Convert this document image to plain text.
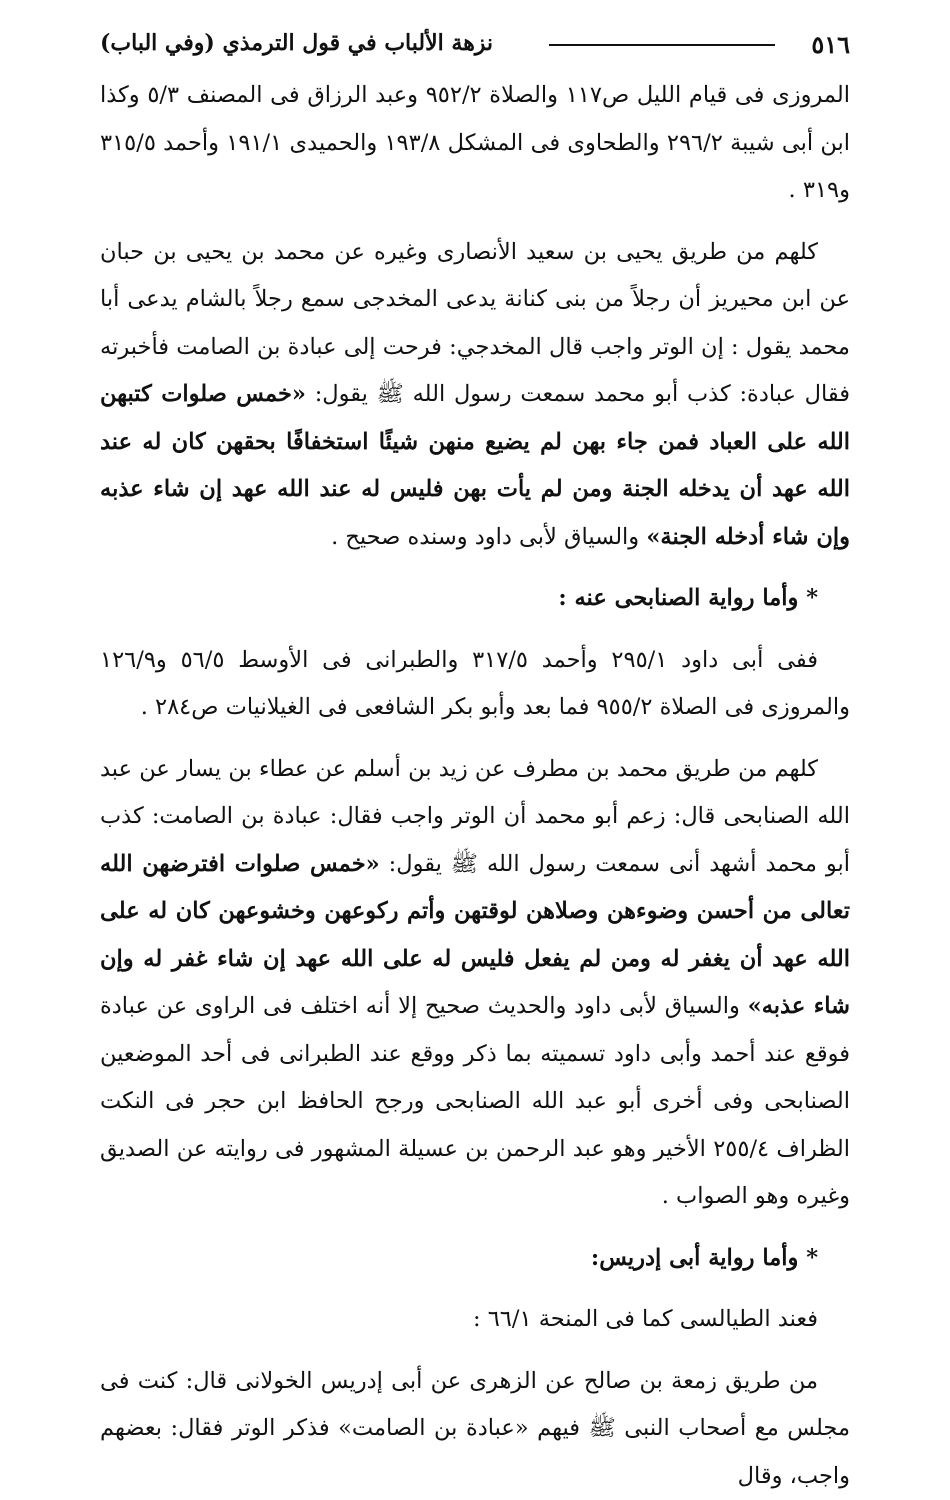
٥١٦
نزهة الألباب في قول الترمذي (وفي الباب)

المروزى فى قيام الليل ص١١٧ والصلاة ٩٥٢/٢ وعبد الرزاق فى المصنف ٥/٣ وكذا ابن أبى شيبة ٢٩٦/٢ والطحاوى فى المشكل ١٩٣/٨ والحميدى ١٩١/١ وأحمد ٣١٥/٥ و٣١٩ .

كلهم من طريق يحيى بن سعيد الأنصارى وغيره عن محمد بن يحيى بن حبان عن ابن محيريز أن رجلاً من بنى كنانة يدعى المخدجى سمع رجلاً بالشام يدعى أبا محمد يقول : إن الوتر واجب قال المخدجي: فرحت إلى عبادة بن الصامت فأخبرته فقال عبادة: كذب أبو محمد سمعت رسول الله ﷺ يقول: «خمس صلوات كتبهن الله على العباد فمن جاء بهن لم يضيع منهن شيئًا استخفافًا بحقهن كان له عند الله عهد أن يدخله الجنة ومن لم يأت بهن فليس له عند الله عهد إن شاء عذبه وإن شاء أدخله الجنة» والسياق لأبى داود وسنده صحيح .

* وأما رواية الصنابحى عنه :

ففى أبى داود ٢٩٥/١ وأحمد ٣١٧/٥ والطبرانى فى الأوسط ٥٦/٥ و١٢٦/٩ والمروزى فى الصلاة ٩٥٥/٢ فما بعد وأبو بكر الشافعى فى الغيلانيات ص٢٨٤ .

كلهم من طريق محمد بن مطرف عن زيد بن أسلم عن عطاء بن يسار عن عبد الله الصنابحى قال: زعم أبو محمد أن الوتر واجب فقال: عبادة بن الصامت: كذب أبو محمد أشهد أنى سمعت رسول الله ﷺ يقول: «خمس صلوات افترضهن الله تعالى من أحسن وضوءهن وصلاهن لوقتهن وأتم ركوعهن وخشوعهن كان له على الله عهد أن يغفر له ومن لم يفعل فليس له على الله عهد إن شاء غفر له وإن شاء عذبه» والسياق لأبى داود والحديث صحيح إلا أنه اختلف فى الراوى عن عبادة فوقع عند أحمد وأبى داود تسميته بما ذكر ووقع عند الطبرانى فى أحد الموضعين الصنابحى وفى أخرى أبو عبد الله الصنابحى ورجح الحافظ ابن حجر فى النكت الظراف ٢٥٥/٤ الأخير وهو عبد الرحمن بن عسيلة المشهور فى روايته عن الصديق وغيره وهو الصواب .

* وأما رواية أبى إدريس:

فعند الطيالسى كما فى المنحة ٦٦/١ :

من طريق زمعة بن صالح عن الزهرى عن أبى إدريس الخولانى قال: كنت فى مجلس مع أصحاب النبى ﷺ فيهم «عبادة بن الصامت» فذكر الوتر فقال: بعضهم واجب، وقال
